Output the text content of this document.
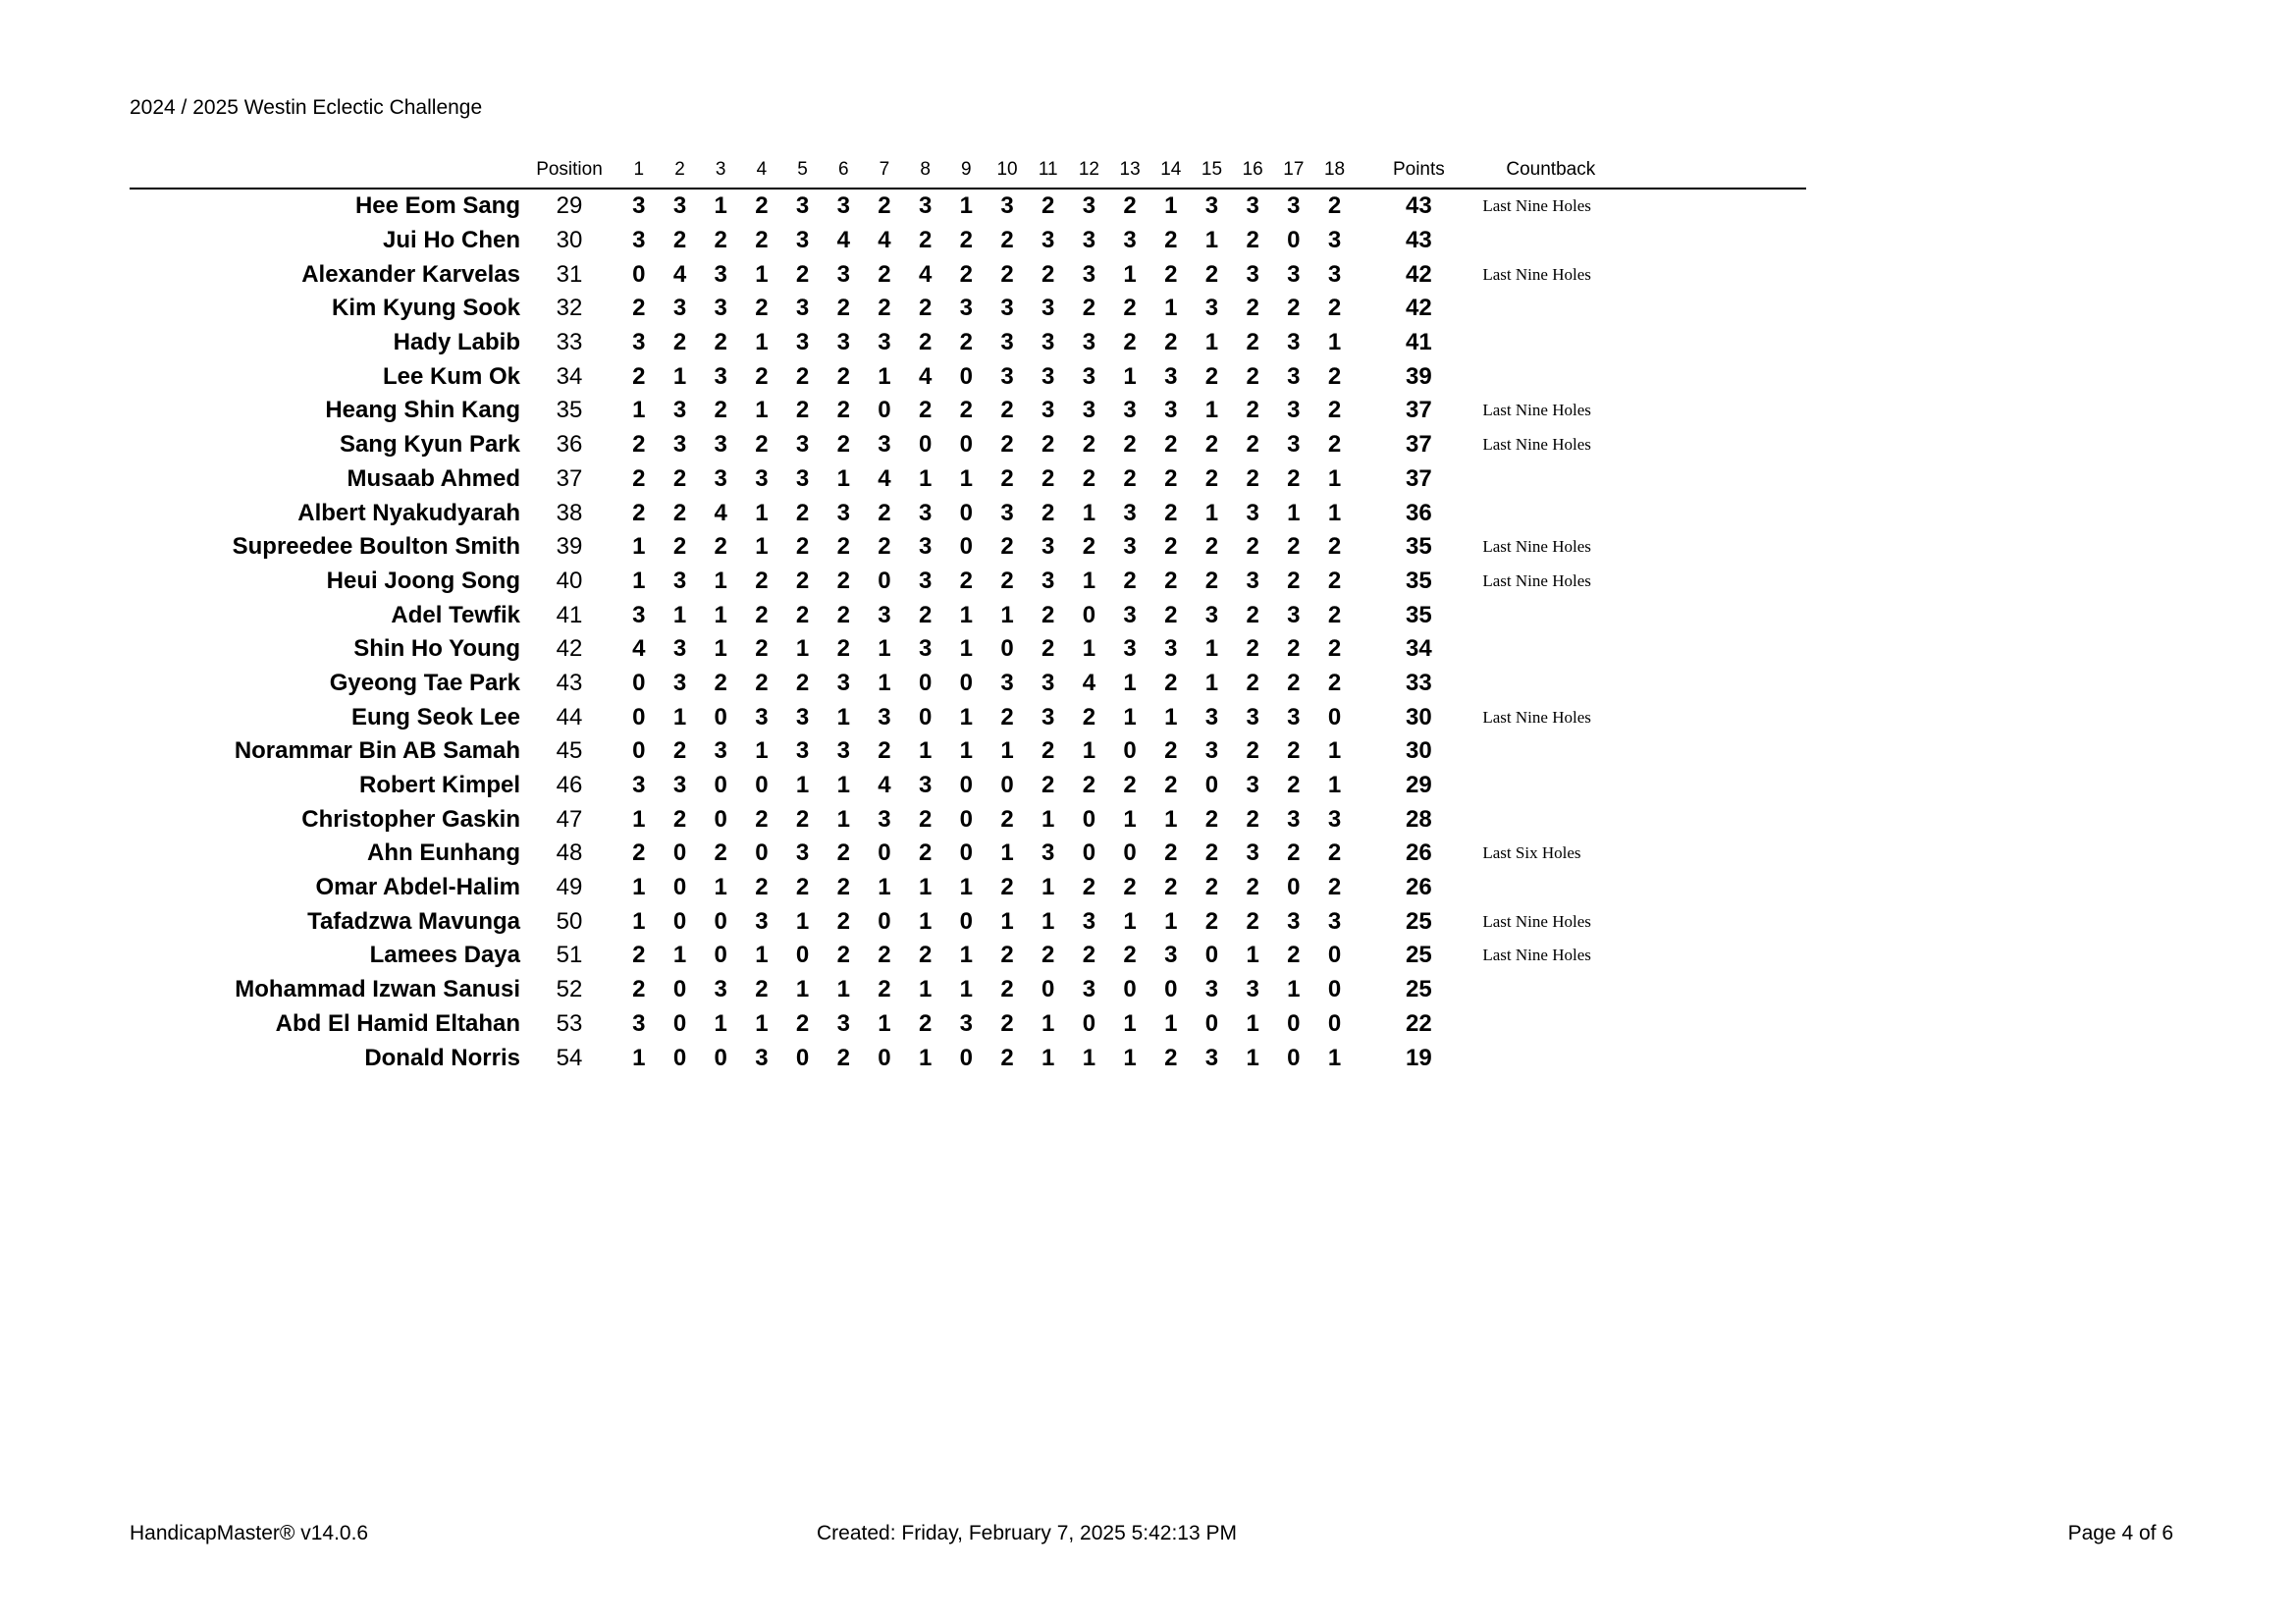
2024 / 2025 Westin Eclectic Challenge
	Position	1	2	3	4	5	6	7	8	9	10	11	12	13	14	15	16	17	18	Points	Countback
Hee Eom Sang	29	3	3	1	2	3	3	2	3	1	3	2	3	2	1	3	3	3	2	43	Last Nine Holes
Jui Ho Chen	30	3	2	2	2	3	4	4	2	2	2	3	3	3	2	1	2	0	3	43	
Alexander Karvelas	31	0	4	3	1	2	3	2	4	2	2	2	3	1	2	2	3	3	3	42	Last Nine Holes
Kim Kyung Sook	32	2	3	3	2	3	2	2	2	3	3	3	2	2	1	3	2	2	2	42	
Hady Labib	33	3	2	2	1	3	3	3	2	2	3	3	3	2	2	1	2	3	1	41	
Lee Kum Ok	34	2	1	3	2	2	2	1	4	0	3	3	3	1	3	2	2	3	2	39	
Heang Shin Kang	35	1	3	2	1	2	2	0	2	2	2	3	3	3	3	1	2	3	2	37	Last Nine Holes
Sang Kyun Park	36	2	3	3	2	3	2	3	0	0	2	2	2	2	2	2	2	3	2	37	Last Nine Holes
Musaab Ahmed	37	2	2	3	3	3	1	4	1	1	2	2	2	2	2	2	2	2	1	37	
Albert Nyakudyarah	38	2	2	4	1	2	3	2	3	0	3	2	1	3	2	1	3	1	1	36	
Supreedee Boulton Smith	39	1	2	2	1	2	2	2	3	0	2	3	2	3	2	2	2	2	2	35	Last Nine Holes
Heui Joong Song	40	1	3	1	2	2	2	0	3	2	2	3	1	2	2	2	3	2	2	35	Last Nine Holes
Adel Tewfik	41	3	1	1	2	2	2	3	2	1	1	2	0	3	2	3	2	3	2	35	
Shin Ho Young	42	4	3	1	2	1	2	1	3	1	0	2	1	3	3	1	2	2	2	34	
Gyeong Tae Park	43	0	3	2	2	2	3	1	0	0	3	3	4	1	2	1	2	2	2	33	
Eung Seok Lee	44	0	1	0	3	3	1	3	0	1	2	3	2	1	1	3	3	3	0	30	Last Nine Holes
Norammar Bin AB Samah	45	0	2	3	1	3	3	2	1	1	1	2	1	0	2	3	2	2	1	30	
Robert Kimpel	46	3	3	0	0	1	1	4	3	0	0	2	2	2	2	0	3	2	1	29	
Christopher Gaskin	47	1	2	0	2	2	1	3	2	0	2	1	0	1	1	2	2	3	3	28	
Ahn Eunhang	48	2	0	2	0	3	2	0	2	0	1	3	0	0	2	2	3	2	2	26	Last Six Holes
Omar Abdel-Halim	49	1	0	1	2	2	2	1	1	1	2	1	2	2	2	2	2	0	2	26	
Tafadzwa Mavunga	50	1	0	0	3	1	2	0	1	0	1	1	3	1	1	2	2	3	3	25	Last Nine Holes
Lamees Daya	51	2	1	0	1	0	2	2	2	1	2	2	2	2	3	0	1	2	0	25	Last Nine Holes
Mohammad Izwan Sanusi	52	2	0	3	2	1	1	2	1	1	2	0	3	0	0	3	3	1	0	25	
Abd El Hamid Eltahan	53	3	0	1	1	2	3	1	2	3	2	1	0	1	1	0	1	0	0	22	
Donald Norris	54	1	0	0	3	0	2	0	1	0	2	1	1	1	2	3	1	0	1	19	
HandicapMaster® v14.0.6	Created: Friday, February 7, 2025 5:42:13 PM	Page 4 of 6
